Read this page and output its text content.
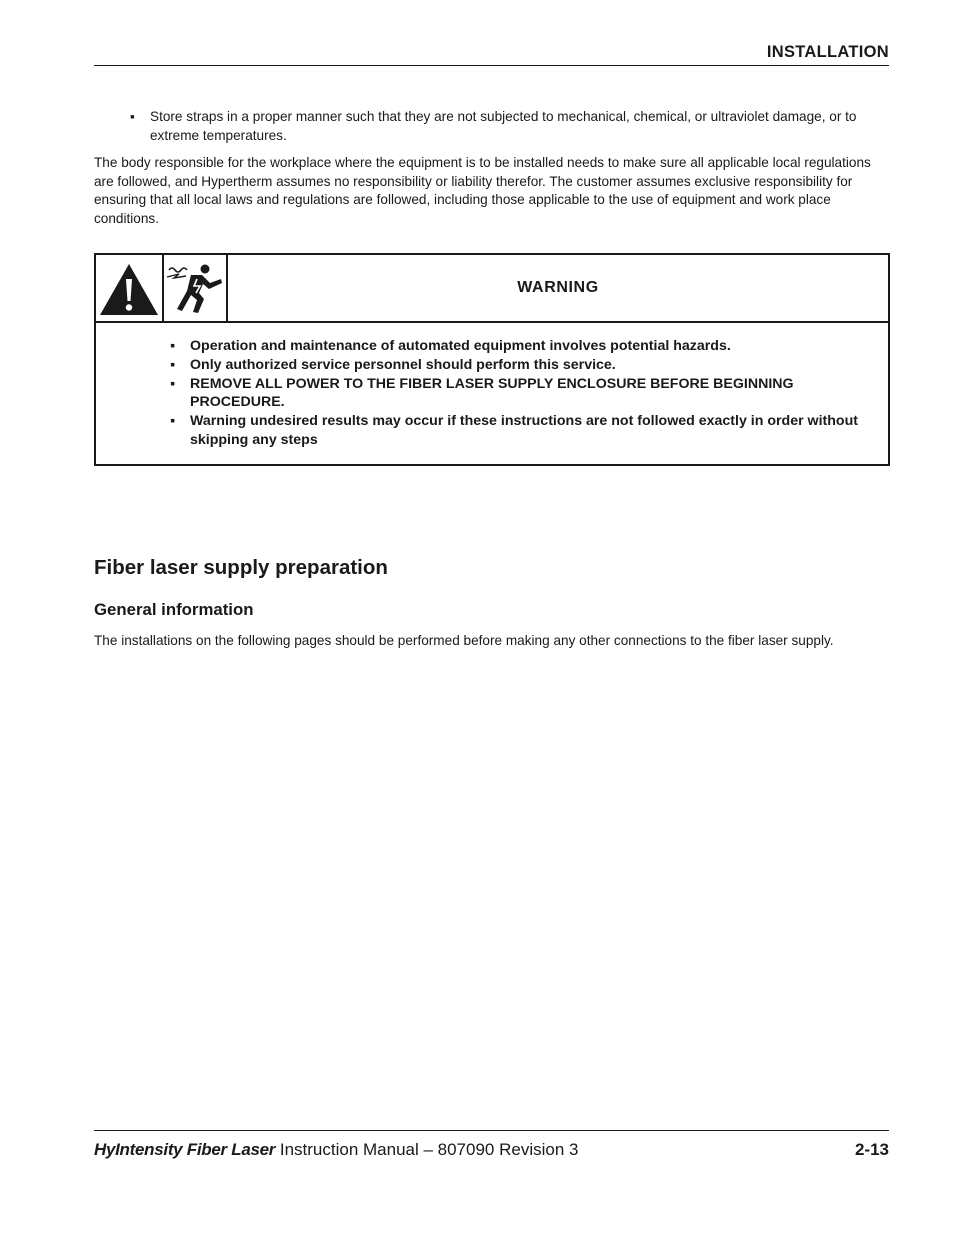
INSTALLATION
▪ Store straps in a proper manner such that they are not subjected to mechanical, chemical, or ultraviolet damage, or to extreme temperatures.

The body responsible for the workplace where the equipment is to be installed needs to make sure all applicable local regulations are followed, and Hypertherm assumes no responsibility or liability therefor. The customer assumes exclusive responsibility for ensuring that all local laws and regulations are followed, including those applicable to the use of equipment and work place conditions.

WARNING
▪ Operation and maintenance of automated equipment involves potential hazards.
▪ Only authorized service personnel should perform this service.
▪ REMOVE ALL POWER TO THE FIBER LASER SUPPLY ENCLOSURE BEFORE BEGINNING PROCEDURE.
▪ Warning undesired results may occur if these instructions are not followed exactly in order without skipping any steps
Fiber laser supply preparation
General information

The installations on the following pages should be performed before making any other connections to the fiber laser supply.

HyIntensity Fiber Laser Instruction Manual – 807090 Revision 3	2-13
